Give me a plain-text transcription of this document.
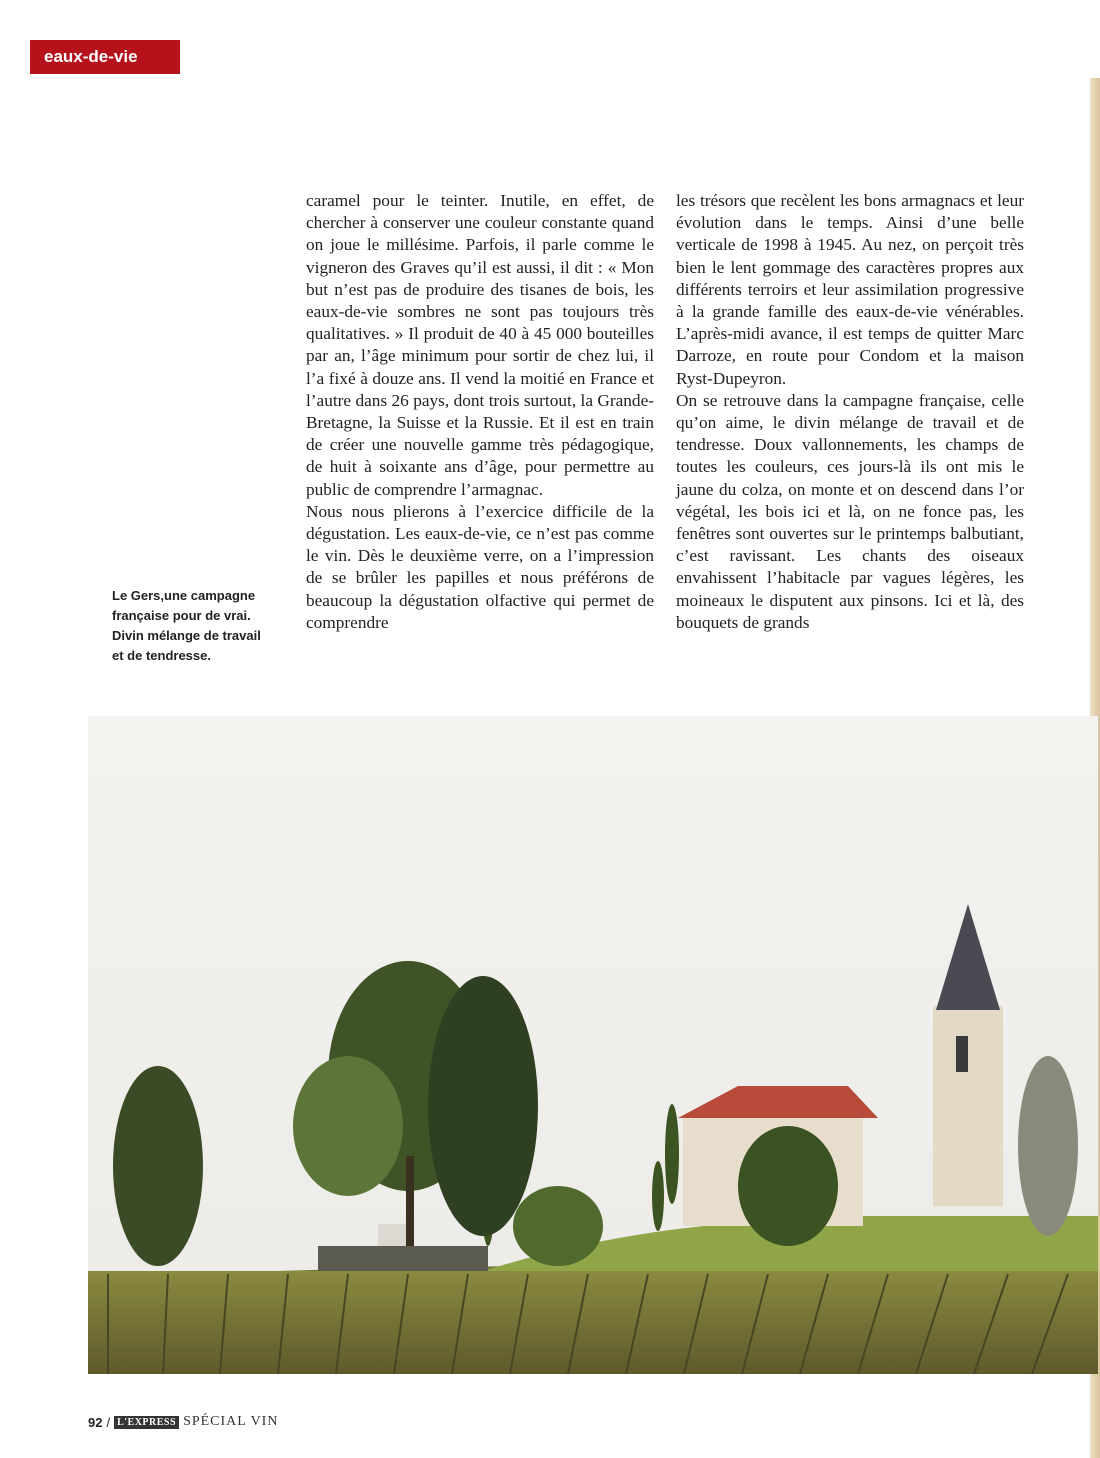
eaux-de-vie
Le Gers,une campagne française pour de vrai. Divin mélange de travail et de tendresse.

caramel pour le teinter. Inutile, en effet, de chercher à conserver une couleur constante quand on joue le millésime. Parfois, il parle comme le vigneron des Graves qu’il est aussi, il dit : « Mon but n’est pas de produire des tisanes de bois, les eaux-de-vie sombres ne sont pas toujours très qualitatives. » Il produit de 40 à 45 000 bouteilles par an, l’âge minimum pour sortir de chez lui, il l’a fixé à douze ans. Il vend la moitié en France et l’autre dans 26 pays, dont trois surtout, la Grande-Bretagne, la Suisse et la Russie. Et il est en train de créer une nouvelle gamme très pédagogique, de huit à soixante ans d’âge, pour permettre au public de comprendre l’armagnac.

Nous nous plierons à l’exercice difficile de la dégustation. Les eaux-de-vie, ce n’est pas comme le vin. Dès le deuxième verre, on a l’impression de se brûler les papilles et nous préférons de beaucoup la dégustation olfactive qui permet de comprendre

les trésors que recèlent les bons armagnacs et leur évolution dans le temps. Ainsi d’une belle verticale de 1998 à 1945. Au nez, on perçoit très bien le lent gommage des caractères propres aux différents terroirs et leur assimilation progressive à la grande famille des eaux-de-vie vénérables. L’après-midi avance, il est temps de quitter Marc Darroze, en route pour Condom et la maison Ryst-Dupeyron.

On se retrouve dans la campagne française, celle qu’on aime, le divin mélange de travail et de tendresse. Doux vallonnements, les champs de toutes les couleurs, ces jours-là ils ont mis le jaune du colza, on monte et on descend dans l’or végétal, les bois ici et là, on ne fonce pas, les fenêtres sont ouvertes sur le printemps balbutiant, c’est ravissant. Les chants des oiseaux envahissent l’habitacle par vagues légères, les moineaux le disputent aux pinsons. Ici et là, des bouquets de grands

92 / L'EXPRESS SPÉCIAL VIN
